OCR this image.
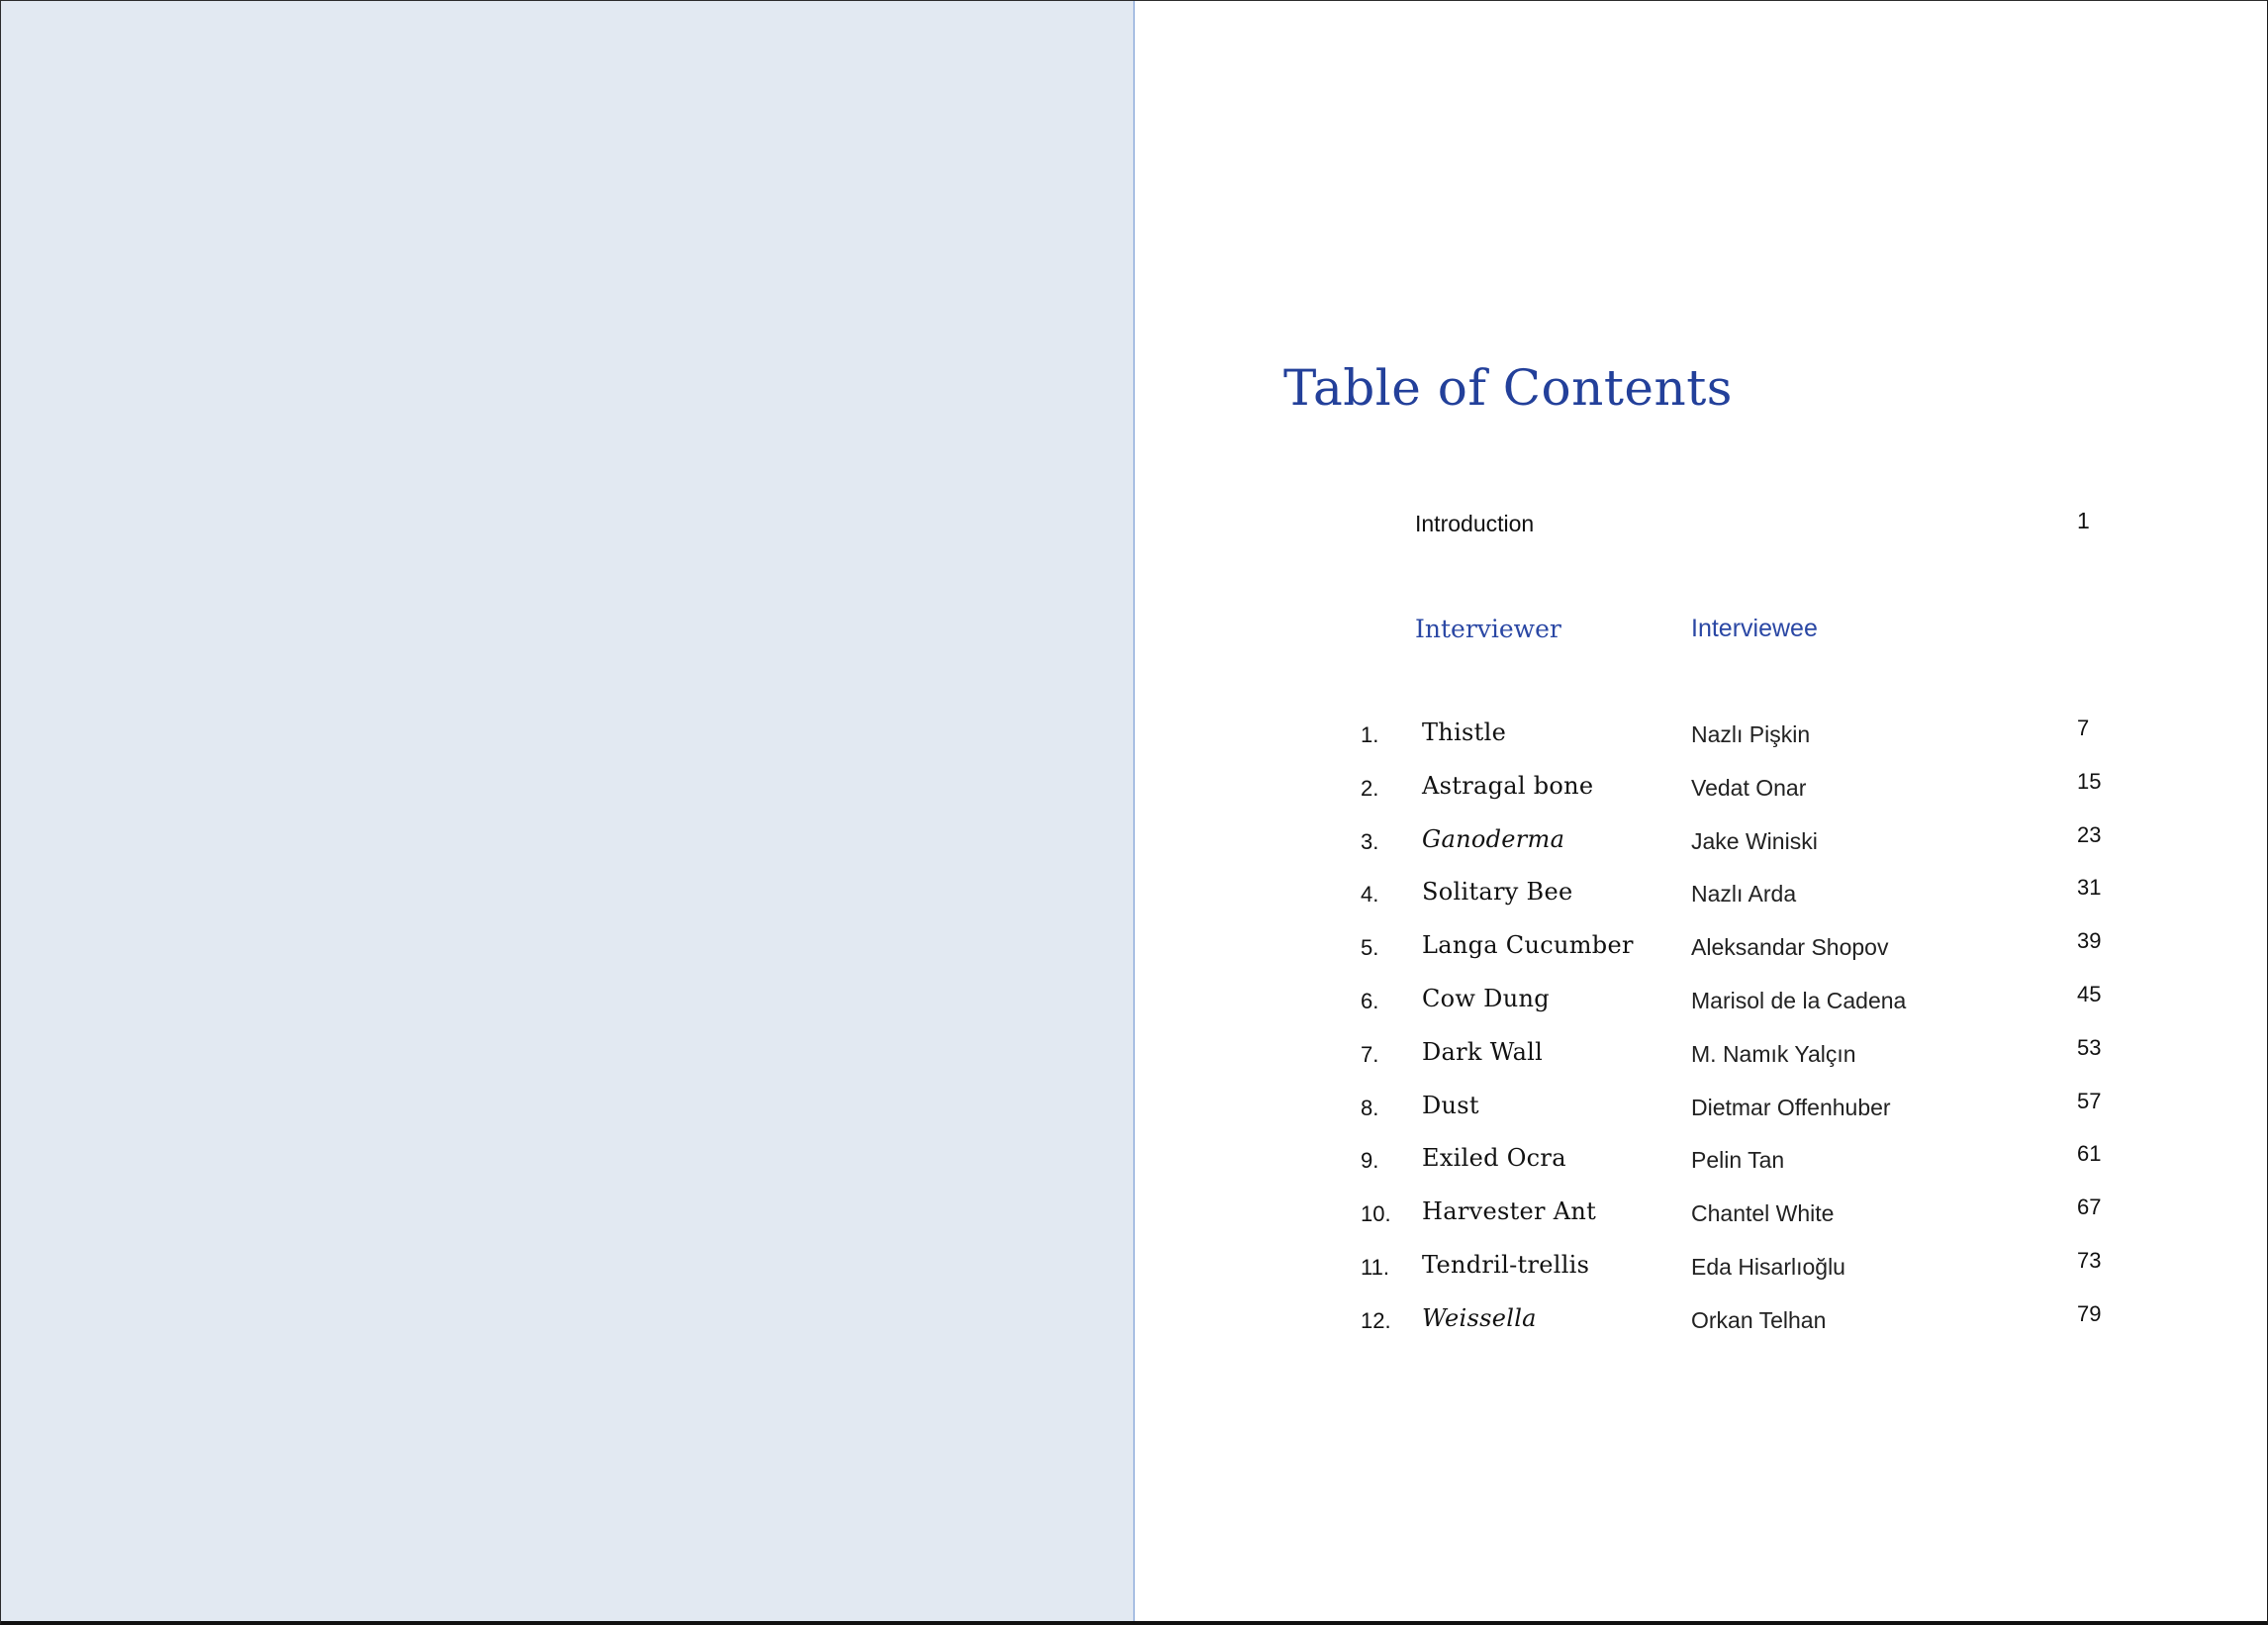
Table of Contents
Introduction	1
Interviewer	Interviewee
1. Thistle	Nazlı Pişkin	7
2. Astragal bone	Vedat Onar	15
3. Ganoderma	Jake Winiski	23
4. Solitary Bee	Nazlı Arda	31
5. Langa Cucumber	Aleksandar Shopov	39
6. Cow Dung	Marisol de la Cadena	45
7. Dark Wall	M. Namık Yalçın	53
8. Dust	Dietmar Offenhuber	57
9. Exiled Ocra	Pelin Tan	61
10. Harvester Ant	Chantel White	67
11. Tendril-trellis	Eda Hisarlıoğlu	73
12. Weissella	Orkan Telhan	79
